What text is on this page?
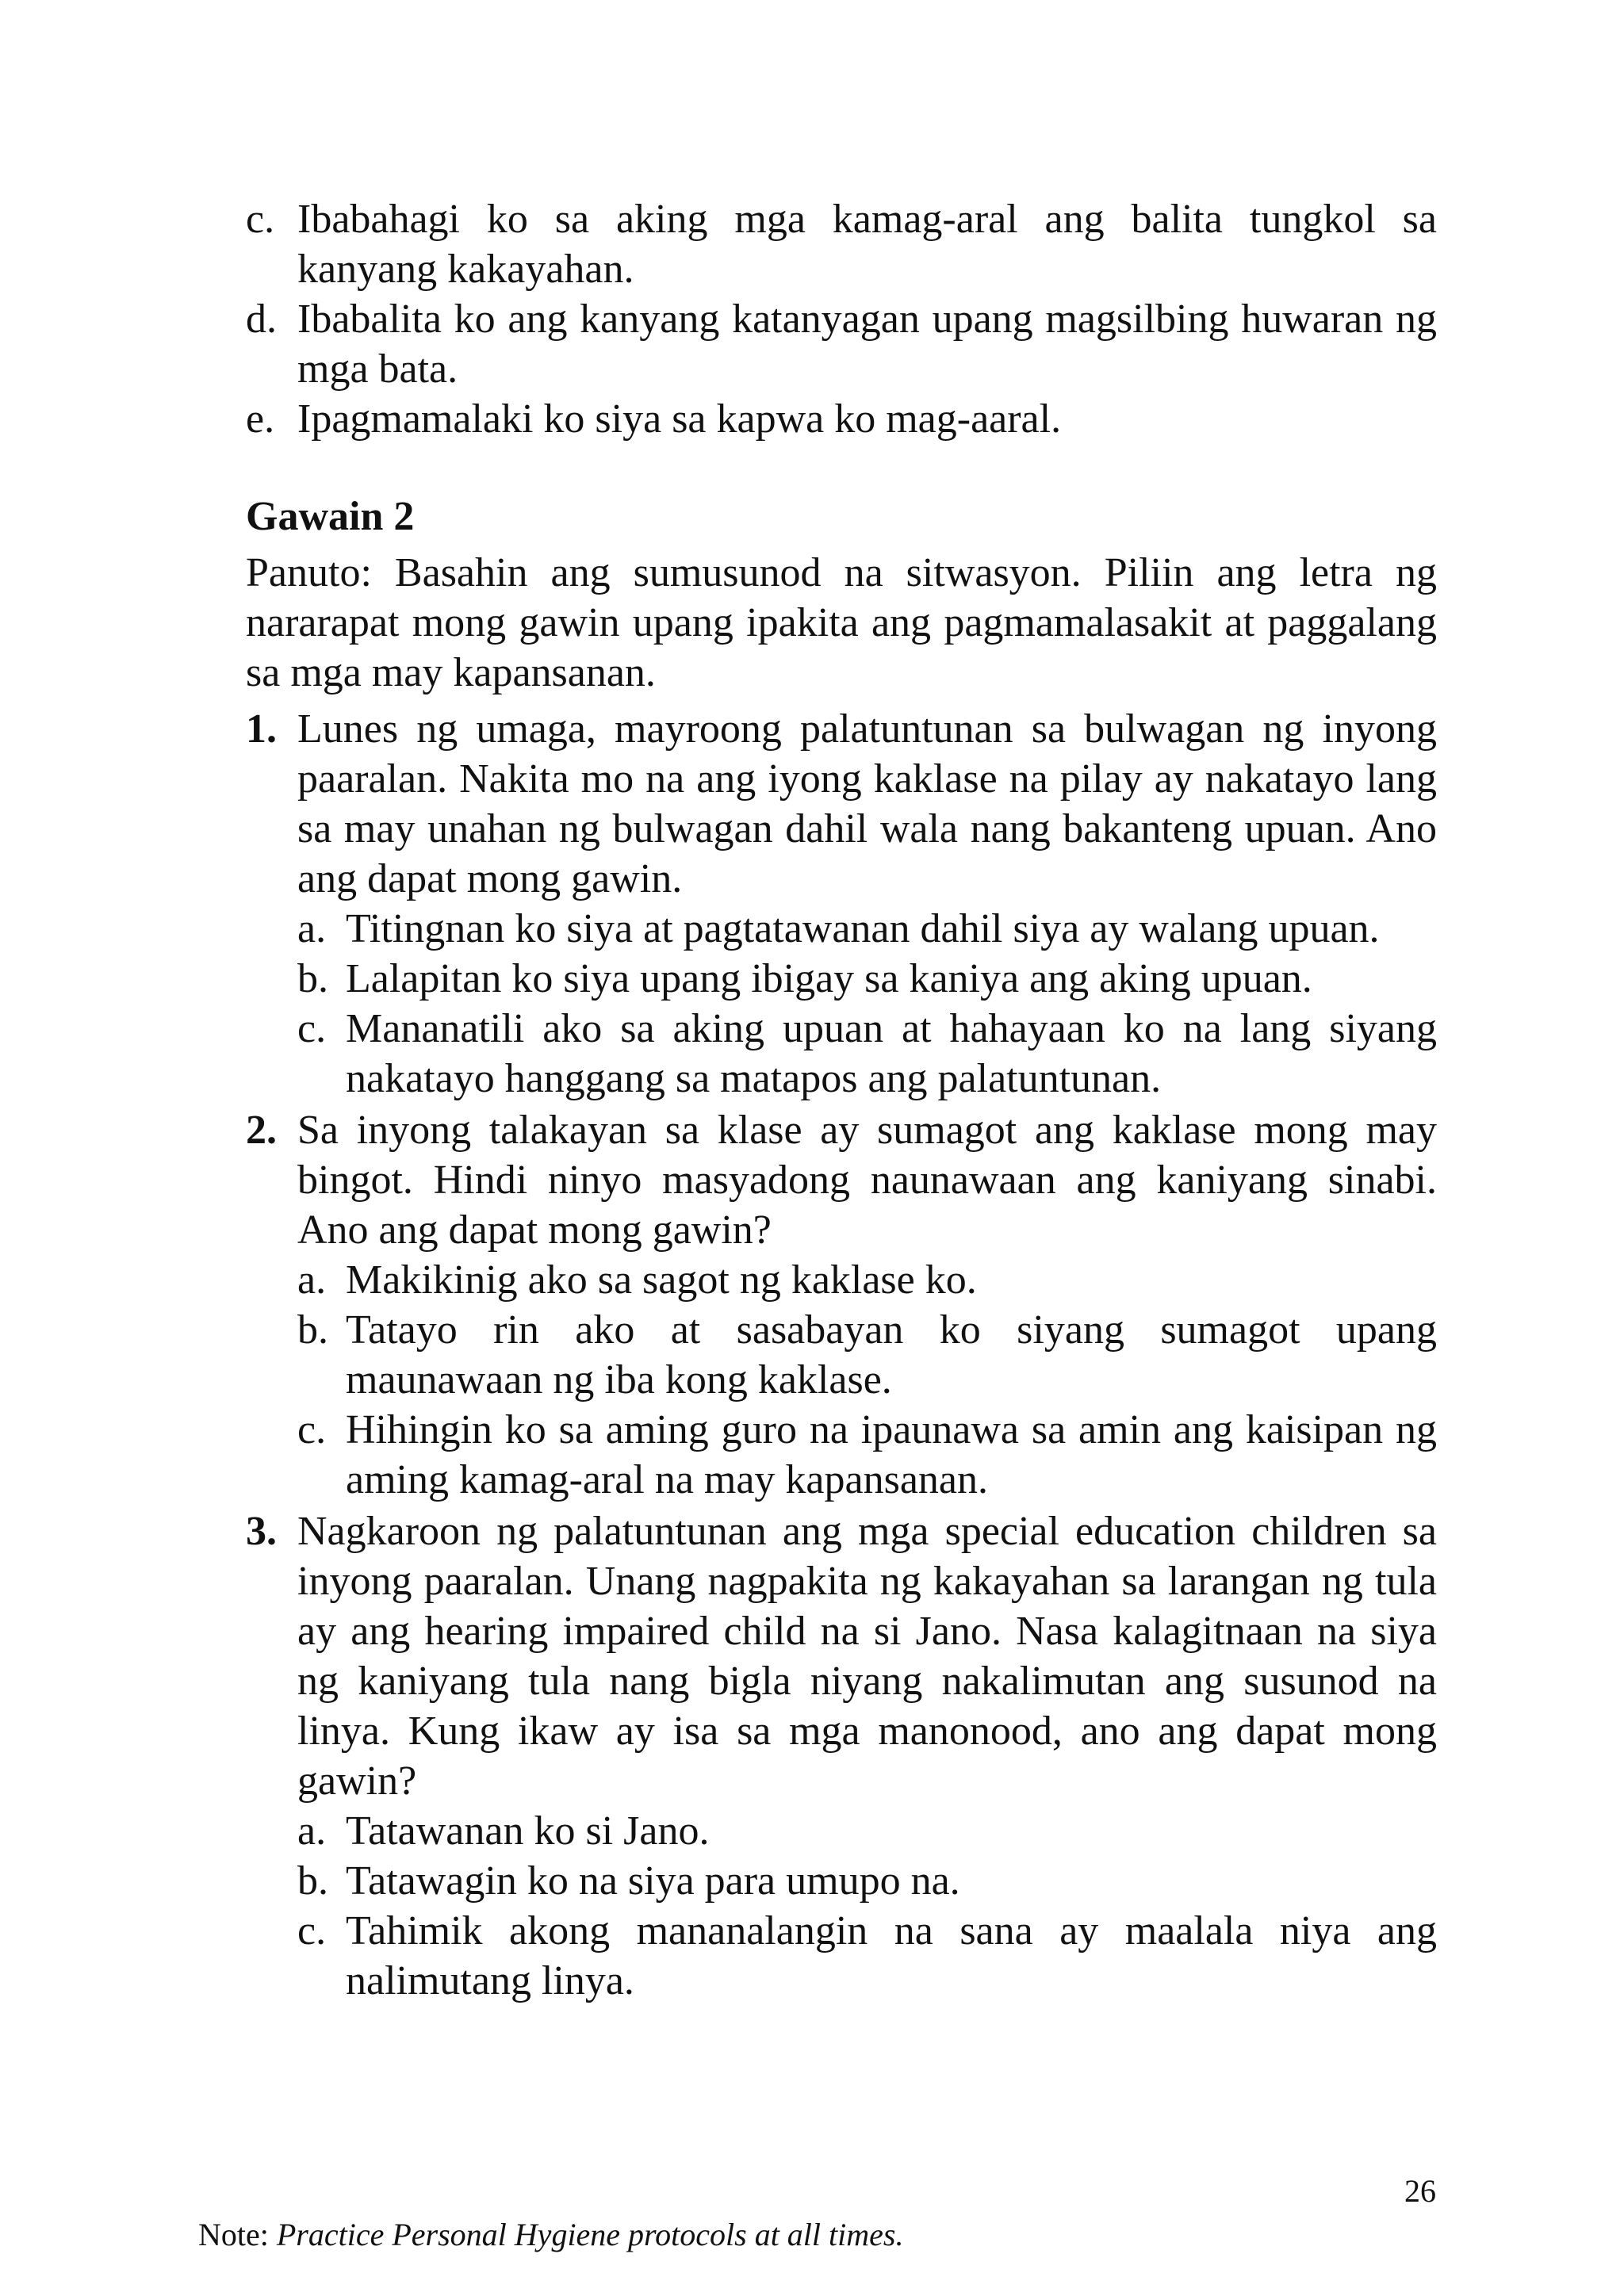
c. Ibabahagi ko sa aking mga kamag-aral ang balita tungkol sa kanyang kakayahan.
d. Ibabalita ko ang kanyang katanyagan upang magsilbing huwaran ng mga bata.
e. Ipagmamalaki ko siya sa kapwa ko mag-aaral.
Gawain 2
Panuto: Basahin ang sumusunod na sitwasyon. Piliin ang letra ng nararapat mong gawin upang ipakita ang pagmamalasakit at paggalang sa mga may kapansanan.
1. Lunes ng umaga, mayroong palatuntunan sa bulwagan ng inyong paaralan. Nakita mo na ang iyong kaklase na pilay ay nakatayo lang sa may unahan ng bulwagan dahil wala nang bakanteng upuan. Ano ang dapat mong gawin.
a. Titingnan ko siya at pagtatawanan dahil siya ay walang upuan.
b. Lalapitan ko siya upang ibigay sa kaniya ang aking upuan.
c. Mananatili ako sa aking upuan at hahayaan ko na lang siyang nakatayo hanggang sa matapos ang palatuntunan.
2. Sa inyong talakayan sa klase ay sumagot ang kaklase mong may bingot. Hindi ninyo masyadong naunawaan ang kaniyang sinabi. Ano ang dapat mong gawin?
a. Makikinig ako sa sagot ng kaklase ko.
b. Tatayo rin ako at sasabayan ko siyang sumagot upang maunawaan ng iba kong kaklase.
c. Hihingin ko sa aming guro na ipaunawa sa amin ang kaisipan ng aming kamag-aral na may kapansanan.
3. Nagkaroon ng palatuntunan ang mga special education children sa inyong paaralan. Unang nagpakita ng kakayahan sa larangan ng tula ay ang hearing impaired child na si Jano. Nasa kalagitnaan na siya ng kaniyang tula nang bigla niyang nakalimutan ang susunod na linya. Kung ikaw ay isa sa mga manonood, ano ang dapat mong gawin?
a. Tatawanan ko si Jano.
b. Tatawagin ko na siya para umupo na.
c. Tahimik akong mananalangin na sana ay maalala niya ang nalimutang linya.
26
Note: Practice Personal Hygiene protocols at all times.
